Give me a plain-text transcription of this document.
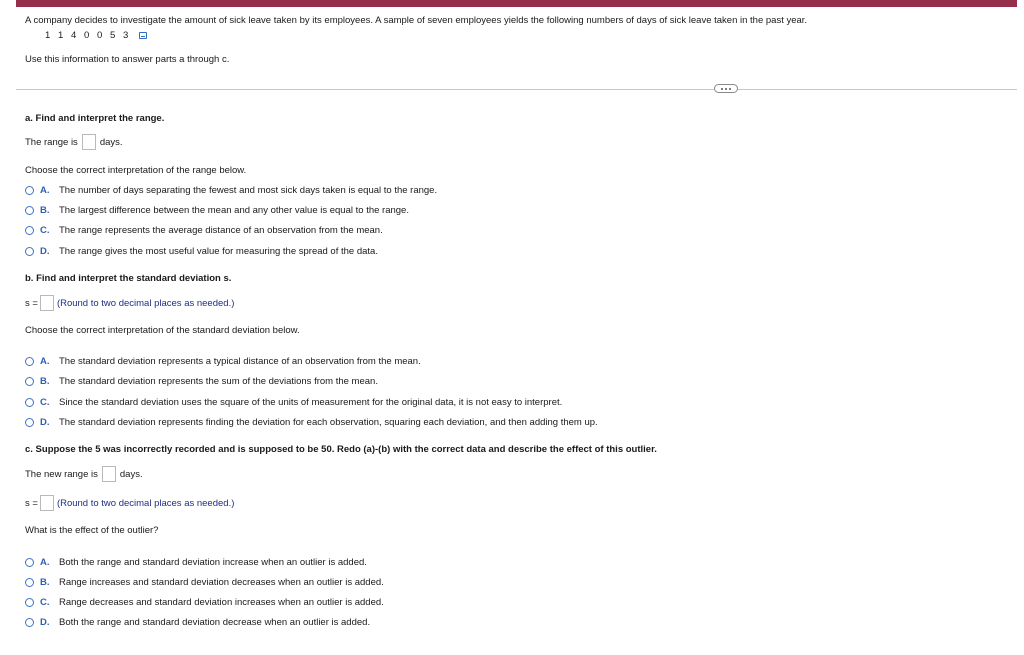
A company decides to investigate the amount of sick leave taken by its employees. A sample of seven employees yields the following numbers of days of sick leave taken in the past year.
1 1 4 0 0 5 3
Use this information to answer parts a through c.
a. Find and interpret the range.
The range is days.
Choose the correct interpretation of the range below.
A.	The number of days separating the fewest and most sick days taken is equal to the range.
B.	The largest difference between the mean and any other value is equal to the range.
C.	The range represents the average distance of an observation from the mean.
D.	The range gives the most useful value for measuring the spread of the data.
b. Find and interpret the standard deviation s.
s = (Round to two decimal places as needed.)
Choose the correct interpretation of the standard deviation below.
A.	The standard deviation represents a typical distance of an observation from the mean.
B.	The standard deviation represents the sum of the deviations from the mean.
C.	Since the standard deviation uses the square of the units of measurement for the original data, it is not easy to interpret.
D.	The standard deviation represents finding the deviation for each observation, squaring each deviation, and then adding them up.
c. Suppose the 5 was incorrectly recorded and is supposed to be 50. Redo (a)-(b) with the correct data and describe the effect of this outlier.
The new range is days.
s = (Round to two decimal places as needed.)
What is the effect of the outlier?
A.	Both the range and standard deviation increase when an outlier is added.
B.	Range increases and standard deviation decreases when an outlier is added.
C.	Range decreases and standard deviation increases when an outlier is added.
D.	Both the range and standard deviation decrease when an outlier is added.
